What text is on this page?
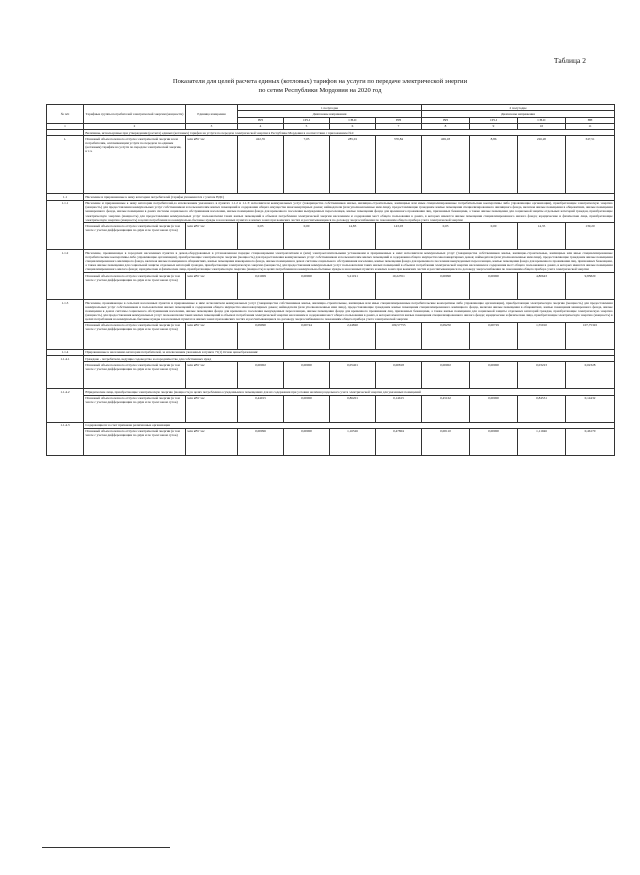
Таблица 2
Показатели для целей расчета единых (котловых) тарифов на услуги по передаче электрической энергии
по сетям Республики Мордовия на 2020 год
№ п/п	Тарифные группы потребителей электрической энергии (мощности)	Единица измерения	1 полугодие				2 полугодие			
			Диапазоны напряжения				Диапазоны напряжения			
			ВН	СН-I	СН-II	НН	ВН	СН-I	СН-II	НН
1	2	3	4	5	6	7	8	9	10	11
	Величины, используемые при утверждении (расчете) единых (котловых) тарифов на услуги по передаче электрической энергии в Республике Мордовия в соответствии с приложением №1:									
1.	Плановый объем полезного отпуска электрической энергии всем потребителям, оплачивающим услуги по передаче по единым (котловым) тарифам на услуги по передаче электрической энергии, в т.ч.	млн кВт·час	422,35	7,05	285,01	370,84	469,18	8,86	226,20	347,51
1.1	Население и приравненные к нему категории потребителей (тарифы указываются с учетом НДС)									
1.1.1	Население и приравненные к нему категории потребителей,за исключением указанного в пунктах 1.1.2 и 1.1.3: исполнители коммунальных услуг (товарищества собственников жилья, жилищно-строительные, жилищные или иные специализированные потребительские кооперативы либо управляющие организации), приобретающие электрическую энергию (мощность) для предоставления коммунальных услуг собственникам и пользователям жилых помещений и содержания общего имущества многоквартирных домов; наймодатели (или уполномоченные ими лица), предоставляющие гражданам жилые помещения специализированного жилищного фонда, включая жилые помещения в общежитиях, жилые помещения маневренного фонда, жилые помещения в домах системы социального обслуживания населения, жилые помещения фонда для временного поселения вынужденных переселенцев, жилые помещения фонда для временного проживания лиц, признанных беженцами, а также жилые помещения для социальной защиты отдельных категорий граждан, приобретающие электрическую энергию (мощность) для предоставления коммунальных услуг пользователям таких жилых помещений в объемах потребления электрической энергии населением и содержания мест общего пользования в домах, в которых имеются жилые помещения специализированного жилого фонда; юридические и физические лица, приобретающие электрическую энергию (мощность) в целях потребления на коммунально-бытовые нужды в населенных пунктах и жилых зонах при воинских частях и рассчитывающиеся по договору энергоснабжения по показаниям общего прибора учета электрической энергии									
	Плановый объем полезного отпуска электрической энергии (в том числе с учетом дифференциации по двум и по трем зонам суток)	млн кВт·час	0,03	0,00	14,83	143,03	0,03	0,00	14,35	139,20
1.1.2	Население, проживающее в городских населенных пунктах в домах,оборудованных в установленном порядке стационарными электроплитами и (или) электроотопительными установками и приравненные к ним: исполнители коммунальных услуг (товарищества собственников жилья, жилищно-строительные, жилищные или иные специализированные потребительские кооперативы либо управляющие организации), приобретающие электрическую энергию (мощность) для предоставления коммунальных услуг собственникам и пользователям жилых помещений и содержания общего имущества многоквартирных домов; наймодатели (или уполномоченные ими лица), предоставляющие гражданам жилые помещения специализированного жилищного фонда, включая жилые помещения в общежитиях, жилые помещения маневренного фонда, жилые помещения в домах системы социального обслуживания населения, жилые помещения фонда для временного поселения вынужденных переселенцев, жилые помещения фонда для временного проживания лиц, признанных беженцами, а также жилые помещения для социальной защиты отдельных категорий граждан, приобретающие электрическую энергию (мощность) для предоставления коммунальных услуг пользователям таких жилых помещений в объемах потребления электрической энергии населением и содержания мест общего пользования в домах, в которых имеются жилые помещения специализированного жилого фонда; юридические и физические лица, приобретающие электрическую энергию (мощность) в целях потребления на коммунально-бытовые нужды в населенных пунктах и жилых зонах при воинских частях и рассчитывающиеся по договору энергоснабжения по показаниям общего прибора учета электрической энергии									
	Плановый объем полезного отпуска электрической энергии (в том числе с учетом дифференциации по двум и по трем зонам суток)	млн кВт·час	0,01009	0,00000	5,21191	10,22351	0,00990	0,00000	4,80643	9,85820
1.1.3	Население, проживающее в сельских населенных пунктах и приравненные к ним: исполнители коммунальных услуг (товарищества собственников жилья, жилищно-строительные, жилищные или иные специализированные потребительские кооперативы либо управляющие организации), приобретающие электрическую энергию (мощность) для предоставления коммунальных услуг собственникам и пользователям жилых помещений и содержания общего имущества многоквартирных домов; наймодатели (или уполномоченные ими лица), предоставляющие гражданам жилые помещения специализированного жилищного фонда, включая жилые помещения в общежитиях, жилые помещения маневренного фонда, жилые помещения в домах системы социального обслуживания населения, жилые помещения фонда для временного поселения вынужденных переселенцев, жилые помещения фонда для временного проживания лиц, признанных беженцами, а также жилые помещения для социальной защиты отдельных категорий граждан, приобретающие электрическую энергию (мощность) для предоставления коммунальных услуг пользователям таких жилых помещений в объемах потребления электрической энергии населением и содержания мест общего пользования в домах, в которых имеются жилые помещения специализированного жилого фонда; юридические и физические лица, приобретающие электрическую энергию (мощность) в целях потребления на коммунально-бытовые нужды в населенных пунктах и жилых зонах при воинских частях и рассчитывающиеся по договору энергоснабжения по показаниям общего прибора учета электрической энергии									
	Плановый объем полезного отпуска электрической энергии (в том числе с учетом дифференциации по двум и по трем зонам суток)	млн кВт·час	0,09990	0,00744	2,24820	109,57755	0,09250	0,00729	1,55910	107,75345
1.1.4	Приравненные к населению категории потребителей, за исключением указанных в пункте 71(1) Основ ценообразования:									
1.1.4.1	Граждане - потребители, ведущие садоводство и огородничество для собственных нужд									
	Плановый объем полезного отпуска электрической энергии (в том числе с учетом дифференциации по двум и по трем зонам суток)	млн кВт·час	0,00002	0,00000	0,05401	0,00818	0,00002	0,00000	0,03223	0,02328
1.1.4.2	Юридические лица, приобретающие электрическую энергию (мощность) в целях потребления осужденными в помещениях для их содержания при условии наличия раздельного учета электрической энергии для указанных помещений									
	Плановый объем полезного отпуска электрической энергии (в том числе с учетом дифференциации по двум и по трем зонам суток)	млн кВт·час	0,44015	0,00000	0,86201	0,14615	0,45162	0,00000	0,84531	0,14432
1.1.4.3	Содержащиеся за счет прихожан религиозные организации									
	Плановый объем полезного отпуска электрической энергии (в том числе с учетом дифференциации по двум и по трем зонам суток)	млн кВт·час	0,00096	0,00000	1,16526	0,47804	0,00110	0,00000	1,11946	0,46170
